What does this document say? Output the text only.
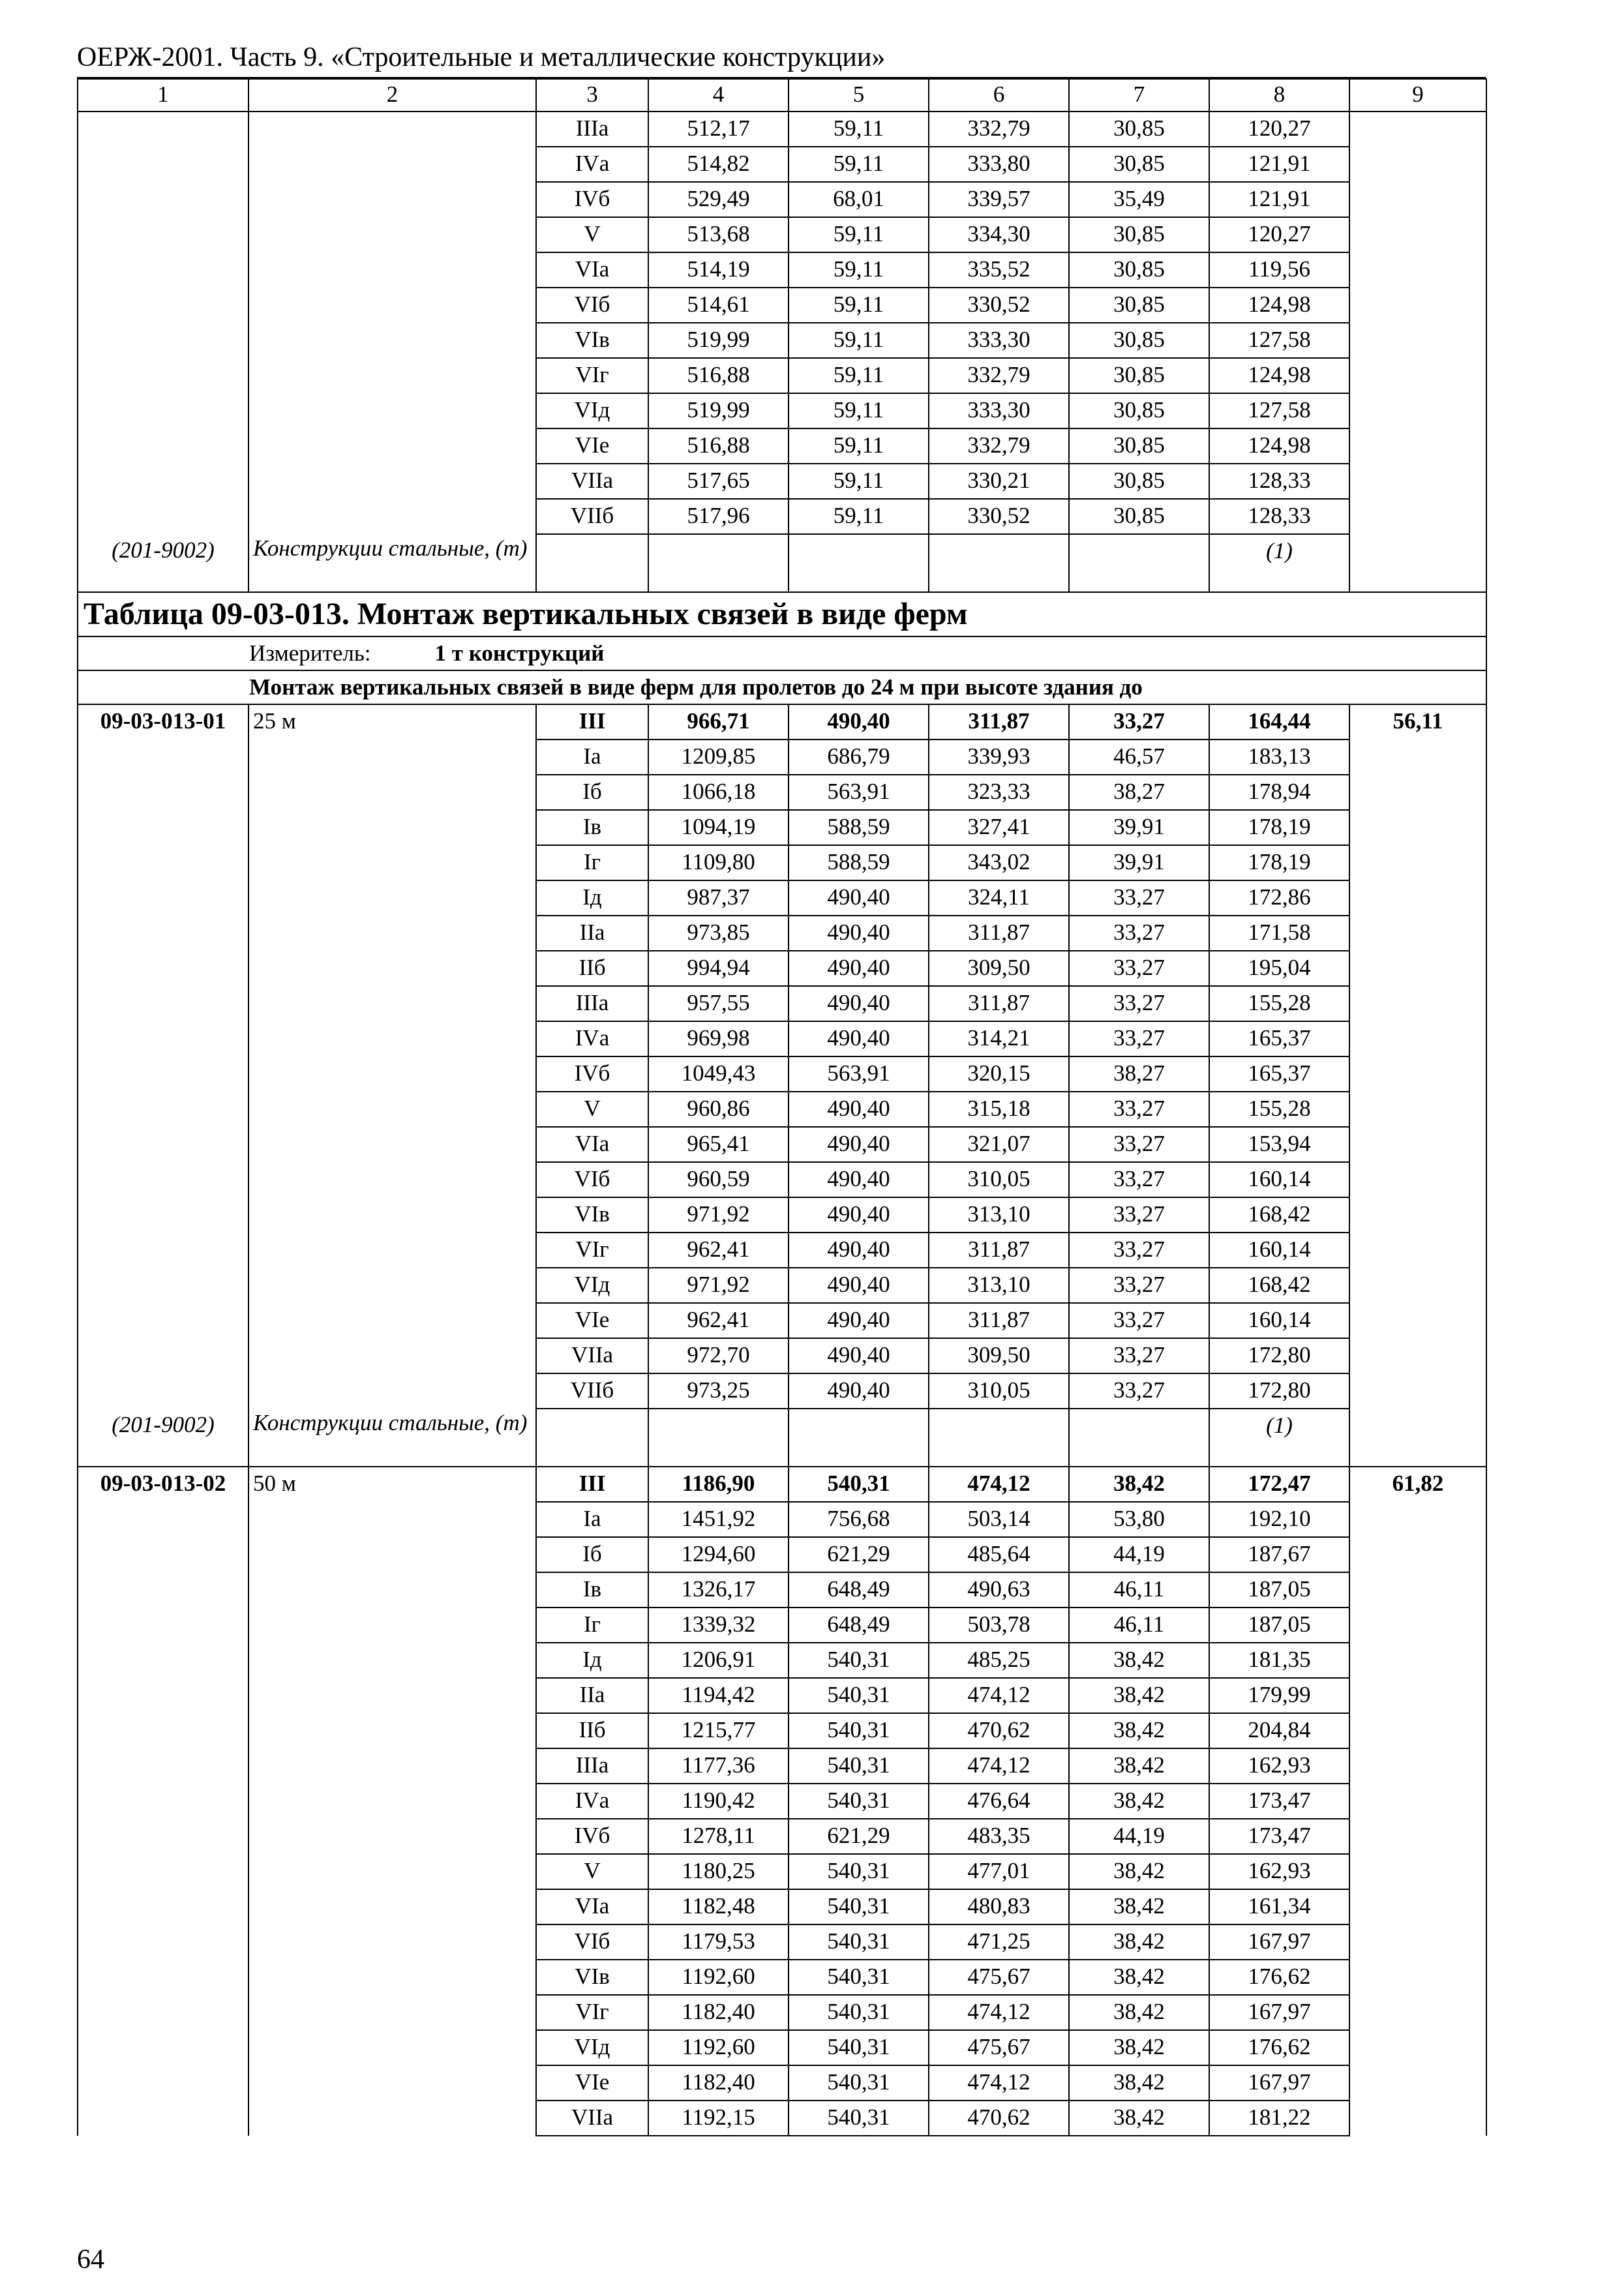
ОЕРЖ-2001. Часть 9. «Строительные и металлические конструкции»
1	2	3	4	5	6	7	8	9
		IIIа	512,17	59,11	332,79	30,85	120,27	
		IVа	514,82	59,11	333,80	30,85	121,91	
		IVб	529,49	68,01	339,57	35,49	121,91	
		V	513,68	59,11	334,30	30,85	120,27	
		VIа	514,19	59,11	335,52	30,85	119,56	
		VIб	514,61	59,11	330,52	30,85	124,98	
		VIв	519,99	59,11	333,30	30,85	127,58	
		VIг	516,88	59,11	332,79	30,85	124,98	
		VIд	519,99	59,11	333,30	30,85	127,58	
		VIе	516,88	59,11	332,79	30,85	124,98	
		VIIа	517,65	59,11	330,21	30,85	128,33	
		VIIб	517,96	59,11	330,52	30,85	128,33	
(201-9002)	Конструкции стальные, (т)						(1)	
Таблица 09-03-013. Монтаж вертикальных связей в виде ферм								
Измеритель: 1 т конструкций								
Монтаж вертикальных связей в виде ферм для пролетов до 24 м при высоте здания до								
09-03-013-01	25 м	III	966,71	490,40	311,87	33,27	164,44	56,11
		Iа	1209,85	686,79	339,93	46,57	183,13	
		Iб	1066,18	563,91	323,33	38,27	178,94	
		Iв	1094,19	588,59	327,41	39,91	178,19	
		Iг	1109,80	588,59	343,02	39,91	178,19	
		Iд	987,37	490,40	324,11	33,27	172,86	
		IIа	973,85	490,40	311,87	33,27	171,58	
		IIб	994,94	490,40	309,50	33,27	195,04	
		IIIа	957,55	490,40	311,87	33,27	155,28	
		IVа	969,98	490,40	314,21	33,27	165,37	
		IVб	1049,43	563,91	320,15	38,27	165,37	
		V	960,86	490,40	315,18	33,27	155,28	
		VIа	965,41	490,40	321,07	33,27	153,94	
		VIб	960,59	490,40	310,05	33,27	160,14	
		VIв	971,92	490,40	313,10	33,27	168,42	
		VIг	962,41	490,40	311,87	33,27	160,14	
		VIд	971,92	490,40	313,10	33,27	168,42	
		VIе	962,41	490,40	311,87	33,27	160,14	
		VIIа	972,70	490,40	309,50	33,27	172,80	
		VIIб	973,25	490,40	310,05	33,27	172,80	
(201-9002)	Конструкции стальные, (т)						(1)	
09-03-013-02	50 м	III	1186,90	540,31	474,12	38,42	172,47	61,82
		Iа	1451,92	756,68	503,14	53,80	192,10	
		Iб	1294,60	621,29	485,64	44,19	187,67	
		Iв	1326,17	648,49	490,63	46,11	187,05	
		Iг	1339,32	648,49	503,78	46,11	187,05	
		Iд	1206,91	540,31	485,25	38,42	181,35	
		IIа	1194,42	540,31	474,12	38,42	179,99	
		IIб	1215,77	540,31	470,62	38,42	204,84	
		IIIа	1177,36	540,31	474,12	38,42	162,93	
		IVа	1190,42	540,31	476,64	38,42	173,47	
		IVб	1278,11	621,29	483,35	44,19	173,47	
		V	1180,25	540,31	477,01	38,42	162,93	
		VIа	1182,48	540,31	480,83	38,42	161,34	
		VIб	1179,53	540,31	471,25	38,42	167,97	
		VIв	1192,60	540,31	475,67	38,42	176,62	
		VIг	1182,40	540,31	474,12	38,42	167,97	
		VIд	1192,60	540,31	475,67	38,42	176,62	
		VIе	1182,40	540,31	474,12	38,42	167,97	
		VIIа	1192,15	540,31	470,62	38,42	181,22	
64
